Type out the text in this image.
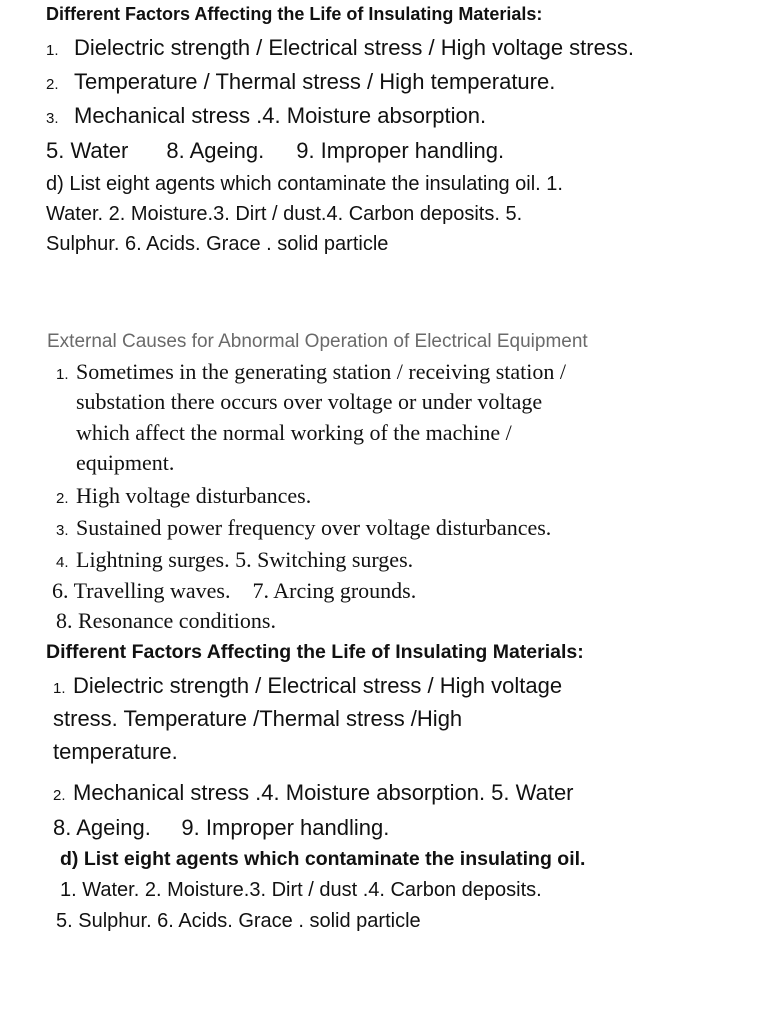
Different Factors Affecting the Life of Insulating Materials:
1. Dielectric strength / Electrical stress / High voltage stress.
2. Temperature / Thermal stress / High temperature.
3. Mechanical stress .4. Moisture absorption.
5. Water 8. Ageing. 9. Improper handling.
d) List eight agents which contaminate the insulating oil. 1.
Water. 2. Moisture.3. Dirt / dust.4. Carbon deposits. 5.
Sulphur. 6. Acids. Grace . solid particle
External Causes for Abnormal Operation of Electrical Equipment
1. Sometimes in the generating station / receiving station /
substation there occurs over voltage or under voltage
which affect the normal working of the machine /
equipment.
2. High voltage disturbances.
3. Sustained power frequency over voltage disturbances.
4. Lightning surges. 5. Switching surges.
6. Travelling waves.    7. Arcing grounds.
8. Resonance conditions.
Different Factors Affecting the Life of Insulating Materials:
1. Dielectric strength / Electrical stress / High voltage
stress. Temperature /Thermal stress /High
temperature.
2. Mechanical stress .4. Moisture absorption. 5. Water
8. Ageing.     9. Improper handling.
d) List eight agents which contaminate the insulating oil.
1. Water. 2. Moisture.3. Dirt / dust .4. Carbon deposits.
5. Sulphur. 6. Acids. Grace . solid particle
